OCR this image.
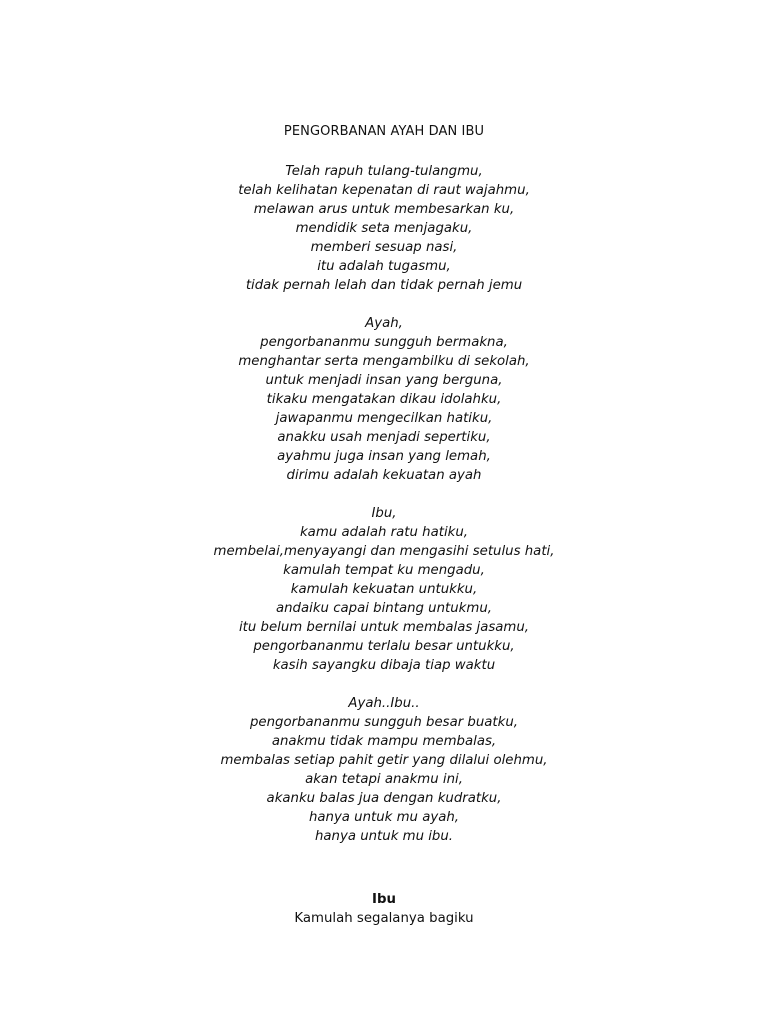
PENGORBANAN AYAH DAN IBU
Telah rapuh tulang-tulangmu,
telah kelihatan kepenatan di raut wajahmu,
melawan arus untuk membesarkan ku,
mendidik seta menjagaku,
memberi sesuap nasi,
itu adalah tugasmu,
tidak pernah lelah dan tidak pernah jemu
Ayah,
pengorbananmu sungguh bermakna,
menghantar serta mengambilku di sekolah,
untuk menjadi insan yang berguna,
tikaku mengatakan dikau idolahku,
jawapanmu mengecilkan hatiku,
anakku usah menjadi sepertiku,
ayahmu juga insan yang lemah,
dirimu adalah kekuatan ayah
Ibu,
kamu adalah ratu hatiku,
membelai,menyayangi dan mengasihi setulus hati,
kamulah tempat ku mengadu,
kamulah kekuatan untukku,
andaiku capai bintang untukmu,
itu belum bernilai untuk membalas jasamu,
pengorbananmu terlalu besar untukku,
kasih sayangku dibaja tiap waktu
Ayah..Ibu..
pengorbananmu sungguh besar buatku,
anakmu tidak mampu membalas,
membalas setiap pahit getir yang dilalui olehmu,
akan tetapi anakmu ini,
akanku balas jua dengan kudratku,
hanya untuk mu ayah,
hanya untuk mu ibu.
Ibu
Kamulah segalanya bagiku
